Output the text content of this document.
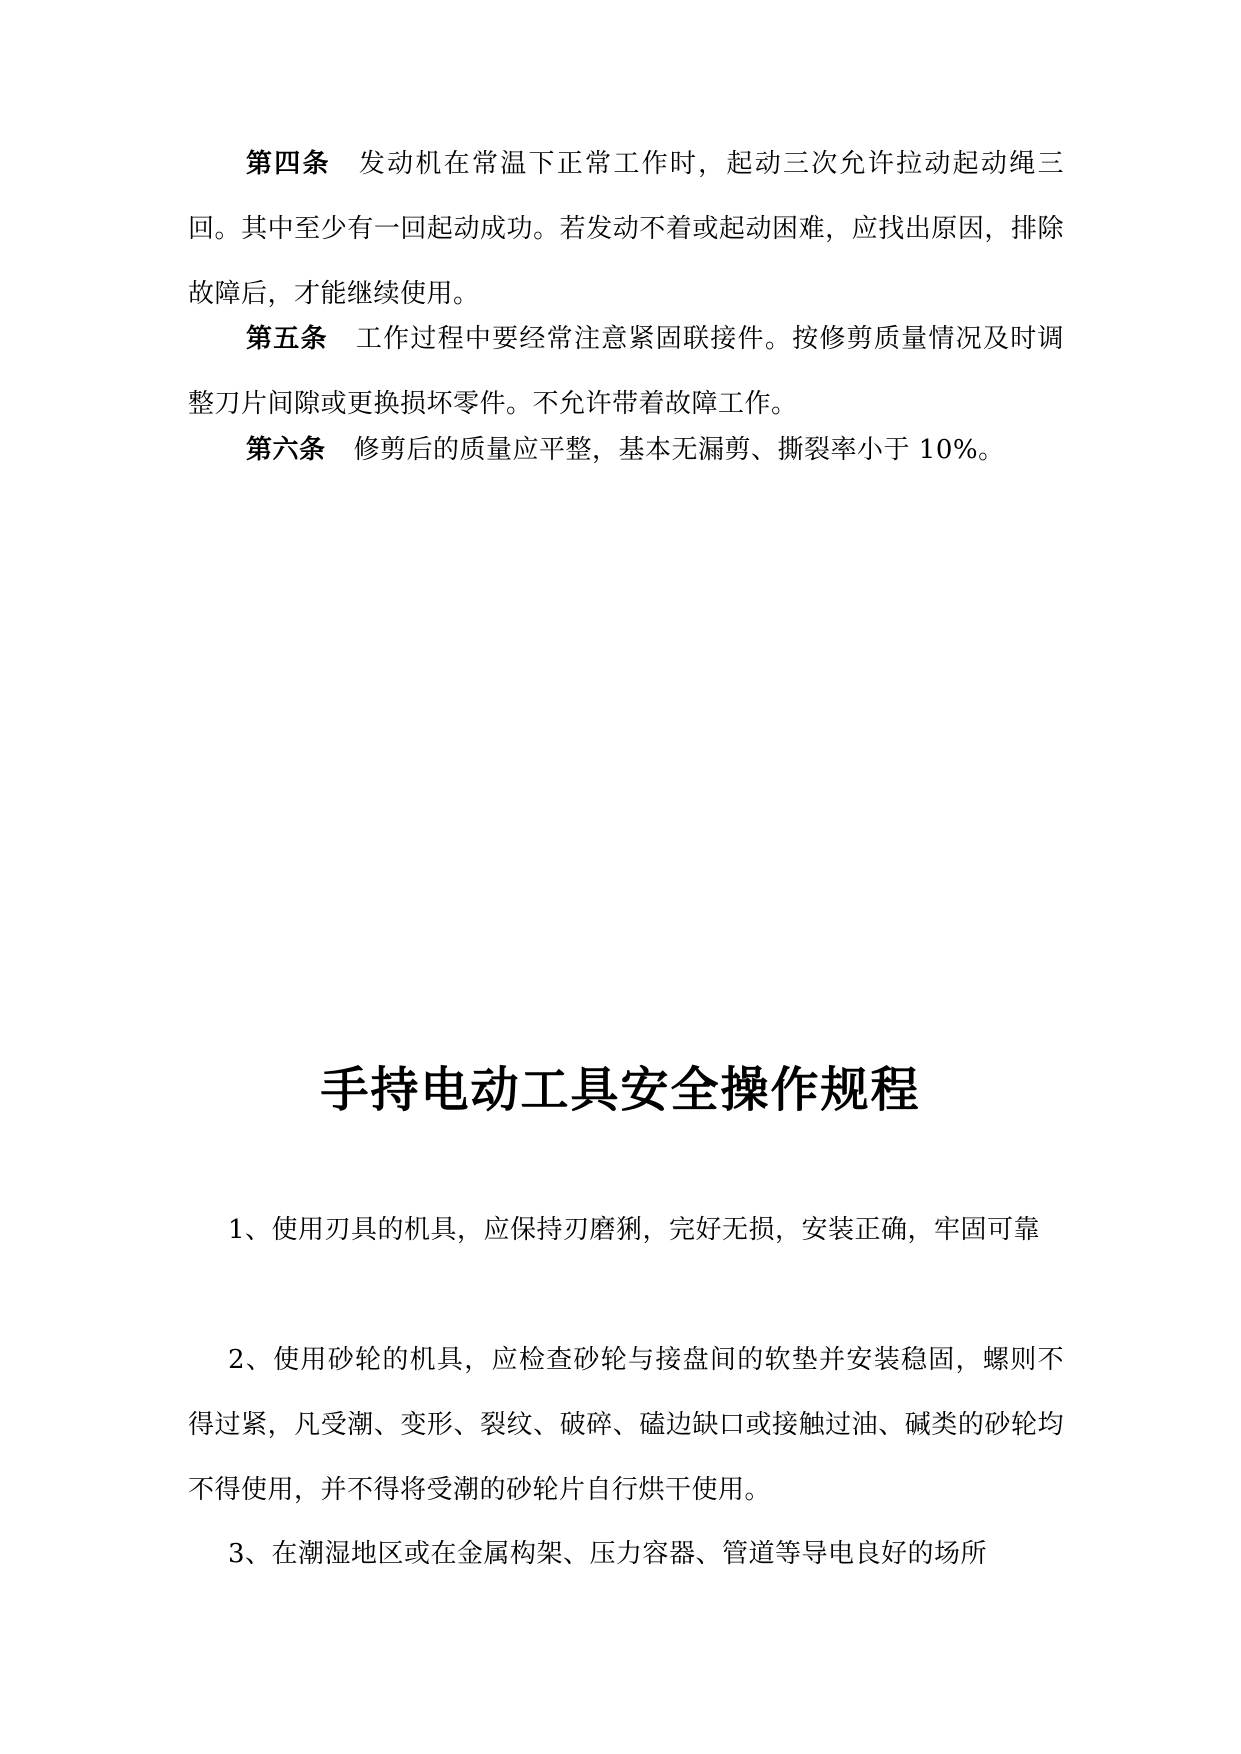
第四条 发动机在常温下正常工作时，起动三次允许拉动起动绳三回。其中至少有一回起动成功。若发动不着或起动困难，应找出原因，排除故障后，才能继续使用。

第五条 工作过程中要经常注意紧固联接件。按修剪质量情况及时调整刀片间隙或更换损坏零件。不允许带着故障工作。

第六条 修剪后的质量应平整，基本无漏剪、撕裂率小于 10%。

手持电动工具安全操作规程

1、使用刃具的机具，应保持刃磨猁，完好无损，安装正确，牢固可靠

2、使用砂轮的机具，应检查砂轮与接盘间的软垫并安装稳固，螺则不得过紧，凡受潮、变形、裂纹、破碎、磕边缺口或接触过油、碱类的砂轮均不得使用，并不得将受潮的砂轮片自行烘干使用。

3、在潮湿地区或在金属构架、压力容器、管道等导电良好的场所
